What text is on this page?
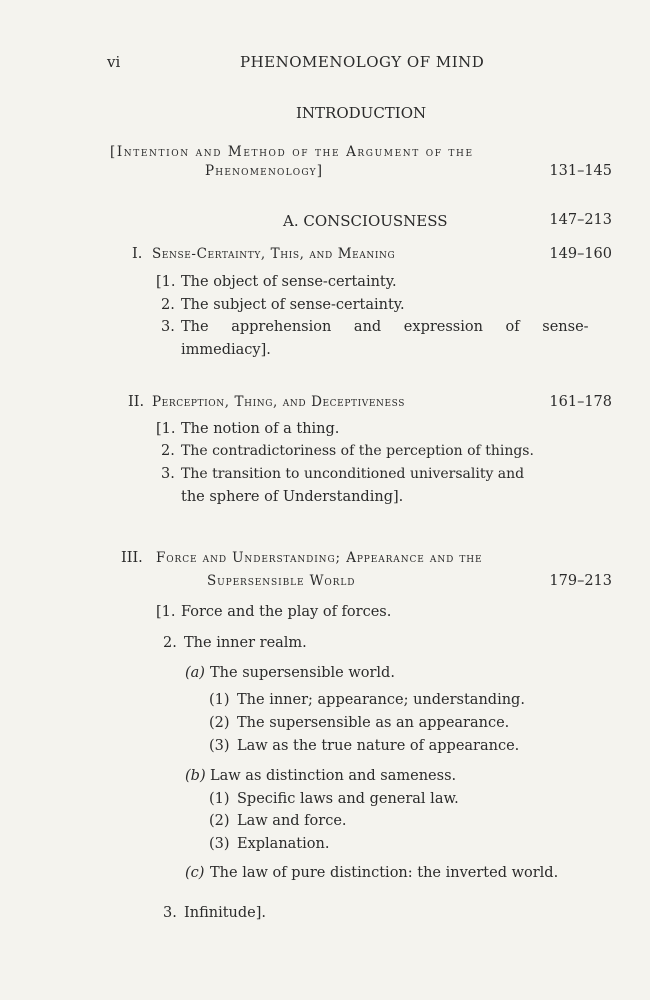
vi	PHENOMENOLOGY OF MIND
INTRODUCTION
[Intention and Method of the Argument of the
Phenomenology]	131–145
A. CONSCIOUSNESS	147–213
I. Sense-Certainty, This, and Meaning	149–160
[1. The object of sense-certainty.
2. The subject of sense-certainty.
3. The apprehension and expression of sense-
immediacy].
II. Perception, Thing, and Deceptiveness	161–178
[1. The notion of a thing.
2. The contradictoriness of the perception of things.
3. The transition to unconditioned universality and
the sphere of Understanding].
III. Force and Understanding; Appearance and the
Supersensible World	179–213
[1. Force and the play of forces.
2. The inner realm.
(a) The supersensible world.
(1) The inner; appearance; understanding.
(2) The supersensible as an appearance.
(3) Law as the true nature of appearance.
(b) Law as distinction and sameness.
(1) Specific laws and general law.
(2) Law and force.
(3) Explanation.
(c) The law of pure distinction: the inverted world.
3. Infinitude].
